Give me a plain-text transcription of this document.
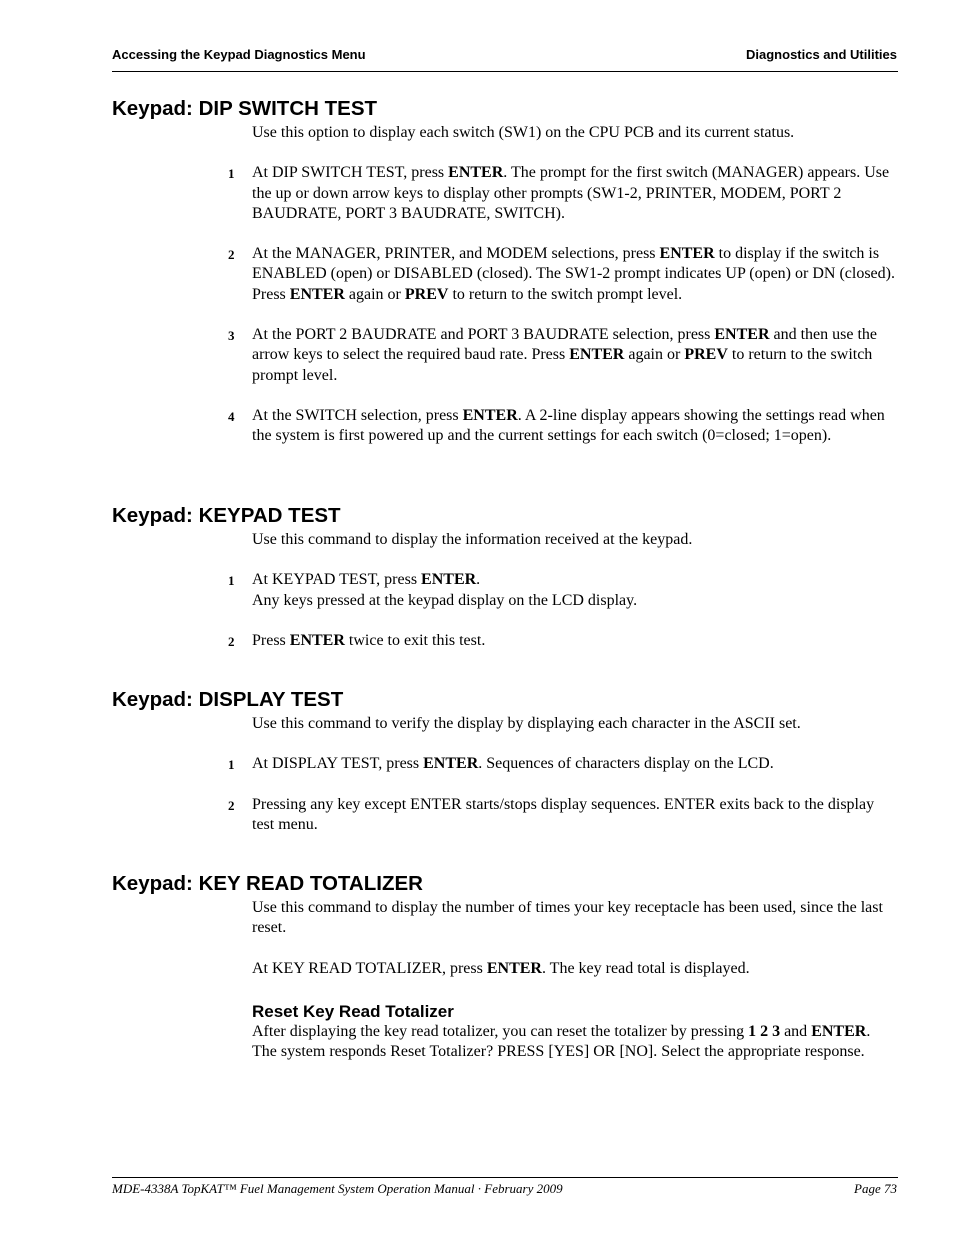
Accessing the Keypad Diagnostics Menu	Diagnostics and Utilities
Keypad: DIP SWITCH TEST

Use this option to display each switch (SW1) on the CPU PCB and its current status.

1 At DIP SWITCH TEST, press ENTER. The prompt for the first switch (MANAGER) appears. Use the up or down arrow keys to display other prompts (SW1-2, PRINTER, MODEM, PORT 2 BAUDRATE, PORT 3 BAUDRATE, SWITCH).

2 At the MANAGER, PRINTER, and MODEM selections, press ENTER to display if the switch is ENABLED (open) or DISABLED (closed). The SW1-2 prompt indicates UP (open) or DN (closed). Press ENTER again or PREV to return to the switch prompt level.

3 At the PORT 2 BAUDRATE and PORT 3 BAUDRATE selection, press ENTER and then use the arrow keys to select the required baud rate. Press ENTER again or PREV to return to the switch prompt level.

4 At the SWITCH selection, press ENTER. A 2-line display appears showing the settings read when the system is first powered up and the current settings for each switch (0=closed; 1=open).

Keypad: KEYPAD TEST

Use this command to display the information received at the keypad.

1 At KEYPAD TEST, press ENTER.
Any keys pressed at the keypad display on the LCD display.

2 Press ENTER twice to exit this test.

Keypad: DISPLAY TEST

Use this command to verify the display by displaying each character in the ASCII set.

1 At DISPLAY TEST, press ENTER. Sequences of characters display on the LCD.

2 Pressing any key except ENTER starts/stops display sequences. ENTER exits back to the display test menu.

Keypad: KEY READ TOTALIZER

Use this command to display the number of times your key receptacle has been used, since the last reset.

At KEY READ TOTALIZER, press ENTER. The key read total is displayed.

Reset Key Read Totalizer

After displaying the key read totalizer, you can reset the totalizer by pressing 1 2 3 and ENTER. The system responds Reset Totalizer? PRESS [YES] OR [NO]. Select the appropriate response.

MDE-4338A TopKAT™ Fuel Management System Operation Manual · February 2009	Page 73
